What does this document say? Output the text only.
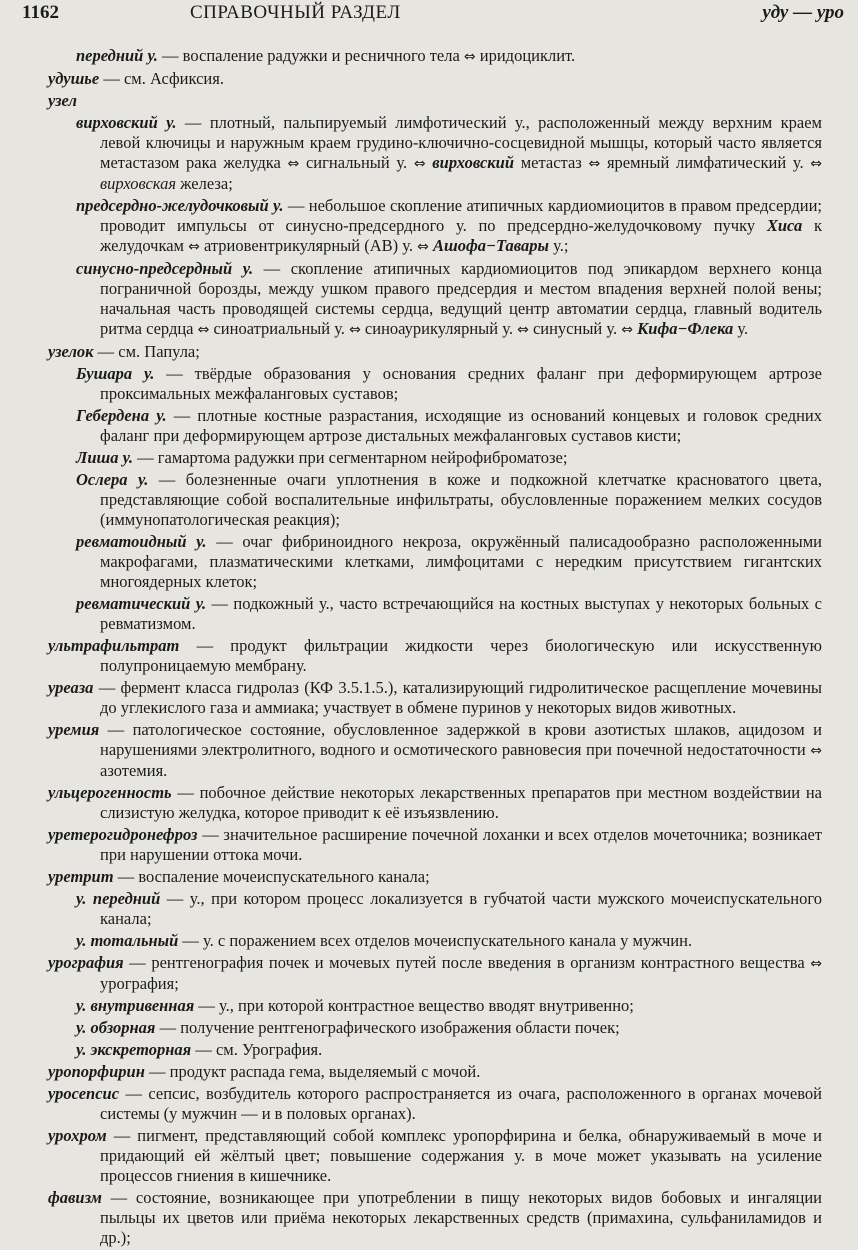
1162	СПРАВОЧНЫЙ РАЗДЕЛ	уду — уро
передний у. — воспаление радужки и ресничного тела ⇔ иридоциклит.
удушье — см. Асфиксия.
узел
вирховский у. — плотный, пальпируемый лимфотический у., расположенный между верхним краем левой ключицы и наружным краем грудино-ключично-сосцевидной мышцы, который часто является метастазом рака желудка ⇔ сигнальный у. ⇔ вирховский метастаз ⇔ яремный лимфатический у. ⇔ вирховская железа;
предсердно-желудочковый у. — небольшое скопление атипичных кардиомиоцитов в правом предсердии; проводит импульсы от синусно-предсердного у. по предсердно-желудочковому пучку Хиса к желудочкам ⇔ атриовентрикулярный (АВ) у. ⇔ Ашофа−Тавары у.;
синусно-предсердный у. — скопление атипичных кардиомиоцитов под эпикардом верхнего конца пограничной борозды, между ушком правого предсердия и местом впадения верхней полой вены; начальная часть проводящей системы сердца, ведущий центр автоматии сердца, главный водитель ритма сердца ⇔ синоатриальный у. ⇔ синоаурикулярный у. ⇔ синусный у. ⇔ Кифа−Флека у.
узелок — см. Папула;
Бушара у. — твёрдые образования у основания средних фаланг при деформирующем артрозе проксимальных межфаланговых суставов;
Гебердена у. — плотные костные разрастания, исходящие из оснований концевых и головок средних фаланг при деформирующем артрозе дистальных межфаланговых суставов кисти;
Лиша у. — гамартома радужки при сегментарном нейрофиброматозе;
Ослера у. — болезненные очаги уплотнения в коже и подкожной клетчатке красноватого цвета, представляющие собой воспалительные инфильтраты, обусловленные поражением мелких сосудов (иммунопатологическая реакция);
ревматоидный у. — очаг фибриноидного некроза, окружённый палисадообразно расположенными макрофагами, плазматическими клетками, лимфоцитами с нередким присутствием гигантских многоядерных клеток;
ревматический у. — подкожный у., часто встречающийся на костных выступах у некоторых больных с ревматизмом.
ультрафильтрат — продукт фильтрации жидкости через биологическую или искусственную полупроницаемую мембрану.
уреаза — фермент класса гидролаз (КФ 3.5.1.5.), катализирующий гидролитическое расщепление мочевины до углекислого газа и аммиака; участвует в обмене пуринов у некоторых видов животных.
уремия — патологическое состояние, обусловленное задержкой в крови азотистых шлаков, ацидозом и нарушениями электролитного, водного и осмотического равновесия при почечной недостаточности ⇔ азотемия.
ульцерогенность — побочное действие некоторых лекарственных препаратов при местном воздействии на слизистую желудка, которое приводит к её изъязвлению.
уретерогидронефроз — значительное расширение почечной лоханки и всех отделов мочеточника; возникает при нарушении оттока мочи.
уретрит — воспаление мочеиспускательного канала;
у. передний — у., при котором процесс локализуется в губчатой части мужского мочеиспускательного канала;
у. тотальный — у. с поражением всех отделов мочеиспускательного канала у мужчин.
урография — рентгенография почек и мочевых путей после введения в организм контрастного вещества ⇔ урография;
у. внутривенная — у., при которой контрастное вещество вводят внутривенно;
у. обзорная — получение рентгенографического изображения области почек;
у. экскреторная — см. Урография.
уропорфирин — продукт распада гема, выделяемый с мочой.
уросепсис — сепсис, возбудитель которого распространяется из очага, расположенного в органах мочевой системы (у мужчин — и в половых органах).
урохром — пигмент, представляющий собой комплекс уропорфирина и белка, обнаруживаемый в моче и придающий ей жёлтый цвет; повышение содержания у. в моче может указывать на усиление процессов гниения в кишечнике.
фавизм — состояние, возникающее при употреблении в пищу некоторых видов бобовых и ингаляции пыльцы их цветов или приёма некоторых лекарственных средств (примахина, сульфаниламидов и др.);
